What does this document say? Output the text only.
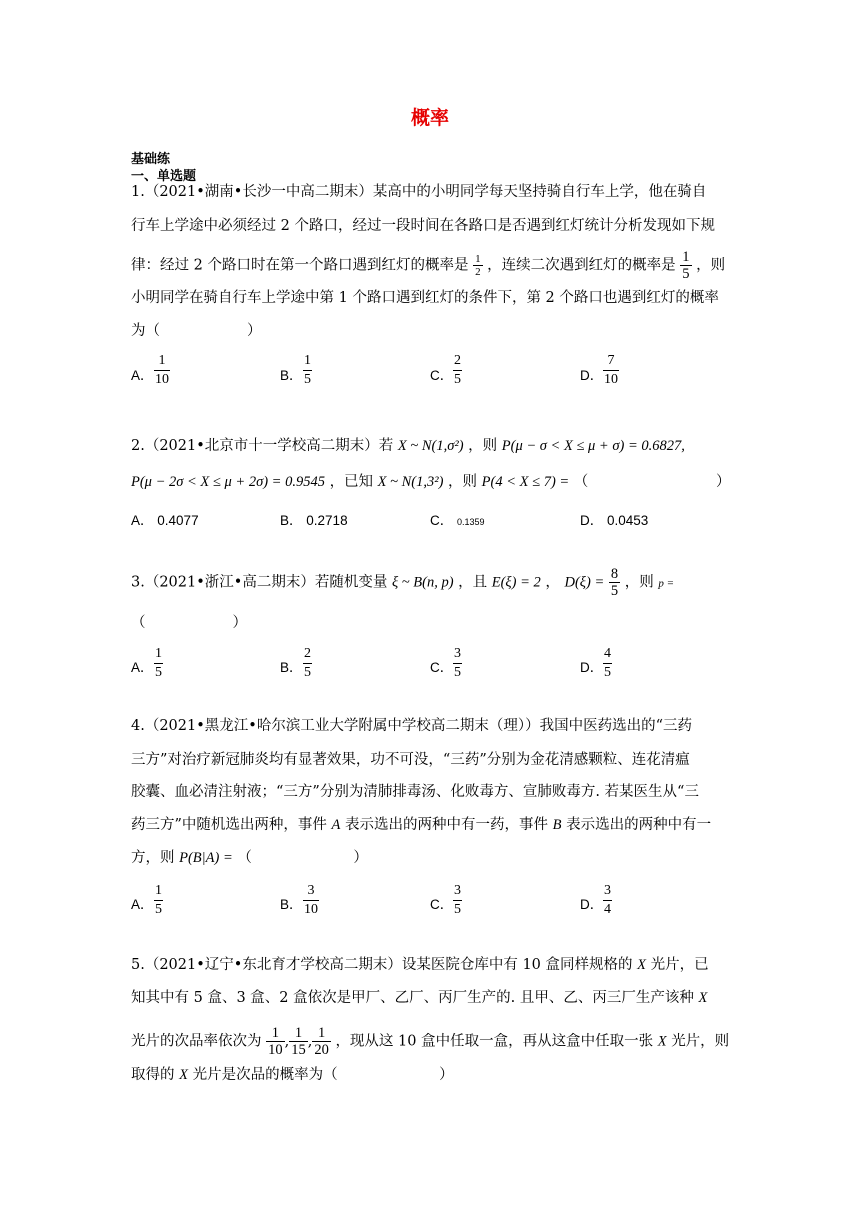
概率
基础练
一、单选题
1.（2021•湖南•长沙一中高二期末）某高中的小明同学每天坚持骑自行车上学，他在骑自
行车上学途中必须经过 2 个路口，经过一段时间在各路口是否遇到红灯统计分析发现如下规
律：经过 2 个路口时在第一个路口遇到红灯的概率是 $\frac{1}{2}$ ，连续二次遇到红灯的概率是 $\frac{1}{5}$ ，则
小明同学在骑自行车上学途中第 1 个路口遇到红灯的条件下，第 2 个路口也遇到红灯的概率
为（　　　　　　）
A．
1
10	B．
1
5	C．
2
5	D．
7
10
2.（2021•北京市十一学校高二期末）若 X ~ N(1,σ²) ，则 P(μ − σ < X ≤ μ + σ) = 0.6827,
P(μ − 2σ < X ≤ μ + 2σ) = 0.9545 ，已知 X ~ N(1,3²) ，则 P(4 < X ≤ 7) = （	）
A． 0.4077	B． 0.2718	C． 0.1359	D． 0.0453
3.（2021•浙江•高二期末）若随机变量 ξ ~ B(n, p) ，且 E(ξ) = 2 ， $D(\xi) = \frac{8}{5}$ ，则 p =
（　　　　　　）
A．
1
5	B．
2
5	C．
3
5	D．
4
5
4.（2021•黑龙江•哈尔滨工业大学附属中学校高二期末（理））我国中医药选出的“三药
三方”对治疗新冠肺炎均有显著效果，功不可没，“三药”分别为金花清感颗粒、连花清瘟
胶囊、血必清注射液；“三方”分别为清肺排毒汤、化败毒方、宣肺败毒方. 若某医生从“三
药三方”中随机选出两种，事件 A 表示选出的两种中有一药，事件 B 表示选出的两种中有一
方，则 P(B|A) = （　　　　　　　）
A．
1
5	B．
3
10	C．
3
5	D．
3
4
5.（2021•辽宁•东北育才学校高二期末）设某医院仓库中有 10 盒同样规格的 X 光片，已
知其中有 5 盒、3 盒、2 盒依次是甲厂、乙厂、丙厂生产的. 且甲、乙、丙三厂生产该种 X
光片的次品率依次为 $\frac{1}{10}$ , $\frac{1}{15}$ , $\frac{1}{20}$ ，现从这 10 盒中任取一盒，再从这盒中任取一张 X 光片，则
取得的 X 光片是次品的概率为（　　　　　　　）
